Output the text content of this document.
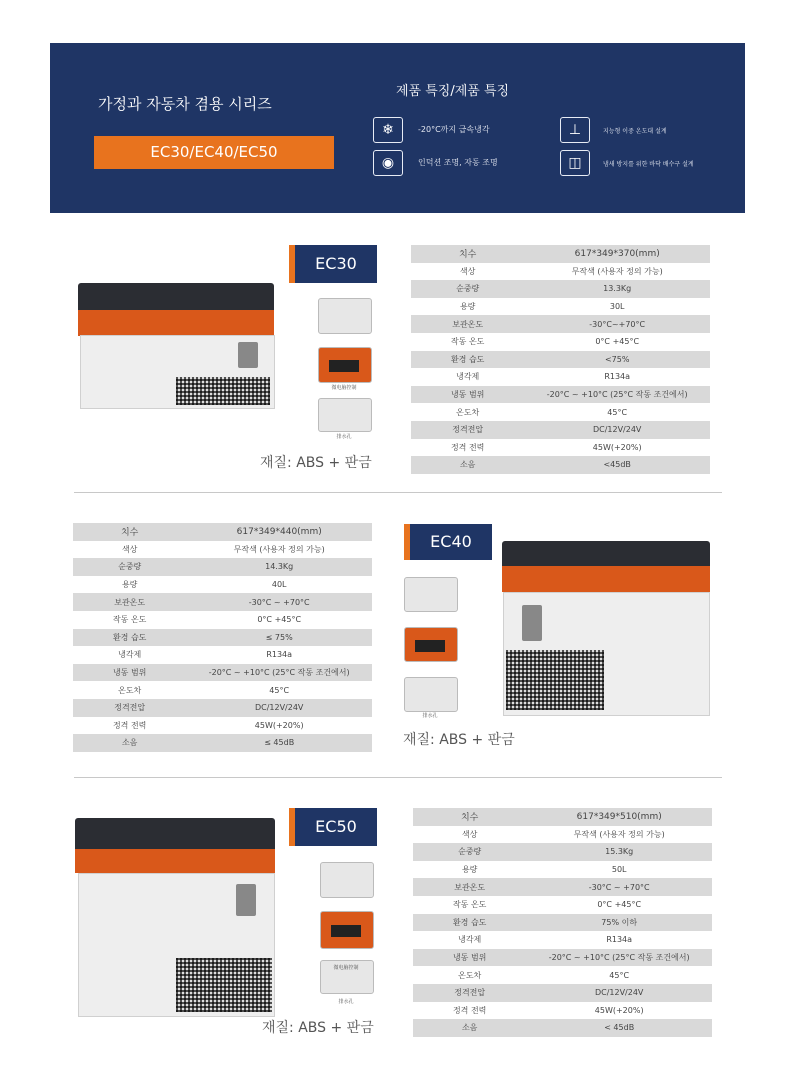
가정과 자동차 겸용 시리즈
EC30/EC40/EC50
제품 특징/제품 특징
❄	-20°C까지 급속냉각
◉	인덕션 조명, 자동 조명
⊥	지능형 이중 온도대 설계
◫	냄새 방지를 위한 바닥 배수구 설계
EC30
微电脑控制
排水孔
재질: ABS + 판금
치수	617*349*370(mm)
색상	무작색 (사용자 정의 가능)
순중량	13.3Kg
용량	30L
보관온도	-30°C~+70°C
작동 온도	0°C +45°C
환경 습도	<75%
냉각제	R134a
냉동 범위	-20°C ~ +10°C (25°C 작동 조건에서)
온도차	45°C
정격전압	DC/12V/24V
정격 전력	45W(+20%)
소음	<45dB
치수	617*349*440(mm)
색상	무작색 (사용자 정의 가능)
순중량	14.3Kg
용량	40L
보관온도	-30°C ~ +70°C
작동 온도	0°C +45°C
환경 습도	≤ 75%
냉각제	R134a
냉동 범위	-20°C ~ +10°C (25°C 작동 조건에서)
온도차	45°C
정격전압	DC/12V/24V
정격 전력	45W(+20%)
소음	≤ 45dB
EC40
排水孔
재질: ABS + 판금
EC50
微电脑控制
排水孔
재질: ABS + 판금
치수	617*349*510(mm)
색상	무작색 (사용자 정의 가능)
순중량	15.3Kg
용량	50L
보관온도	-30°C ~ +70°C
작동 온도	0°C +45°C
환경 습도	75% 이하
냉각제	R134a
냉동 범위	-20°C ~ +10°C (25°C 작동 조건에서)
온도차	45°C
정격전압	DC/12V/24V
정격 전력	45W(+20%)
소음	< 45dB
